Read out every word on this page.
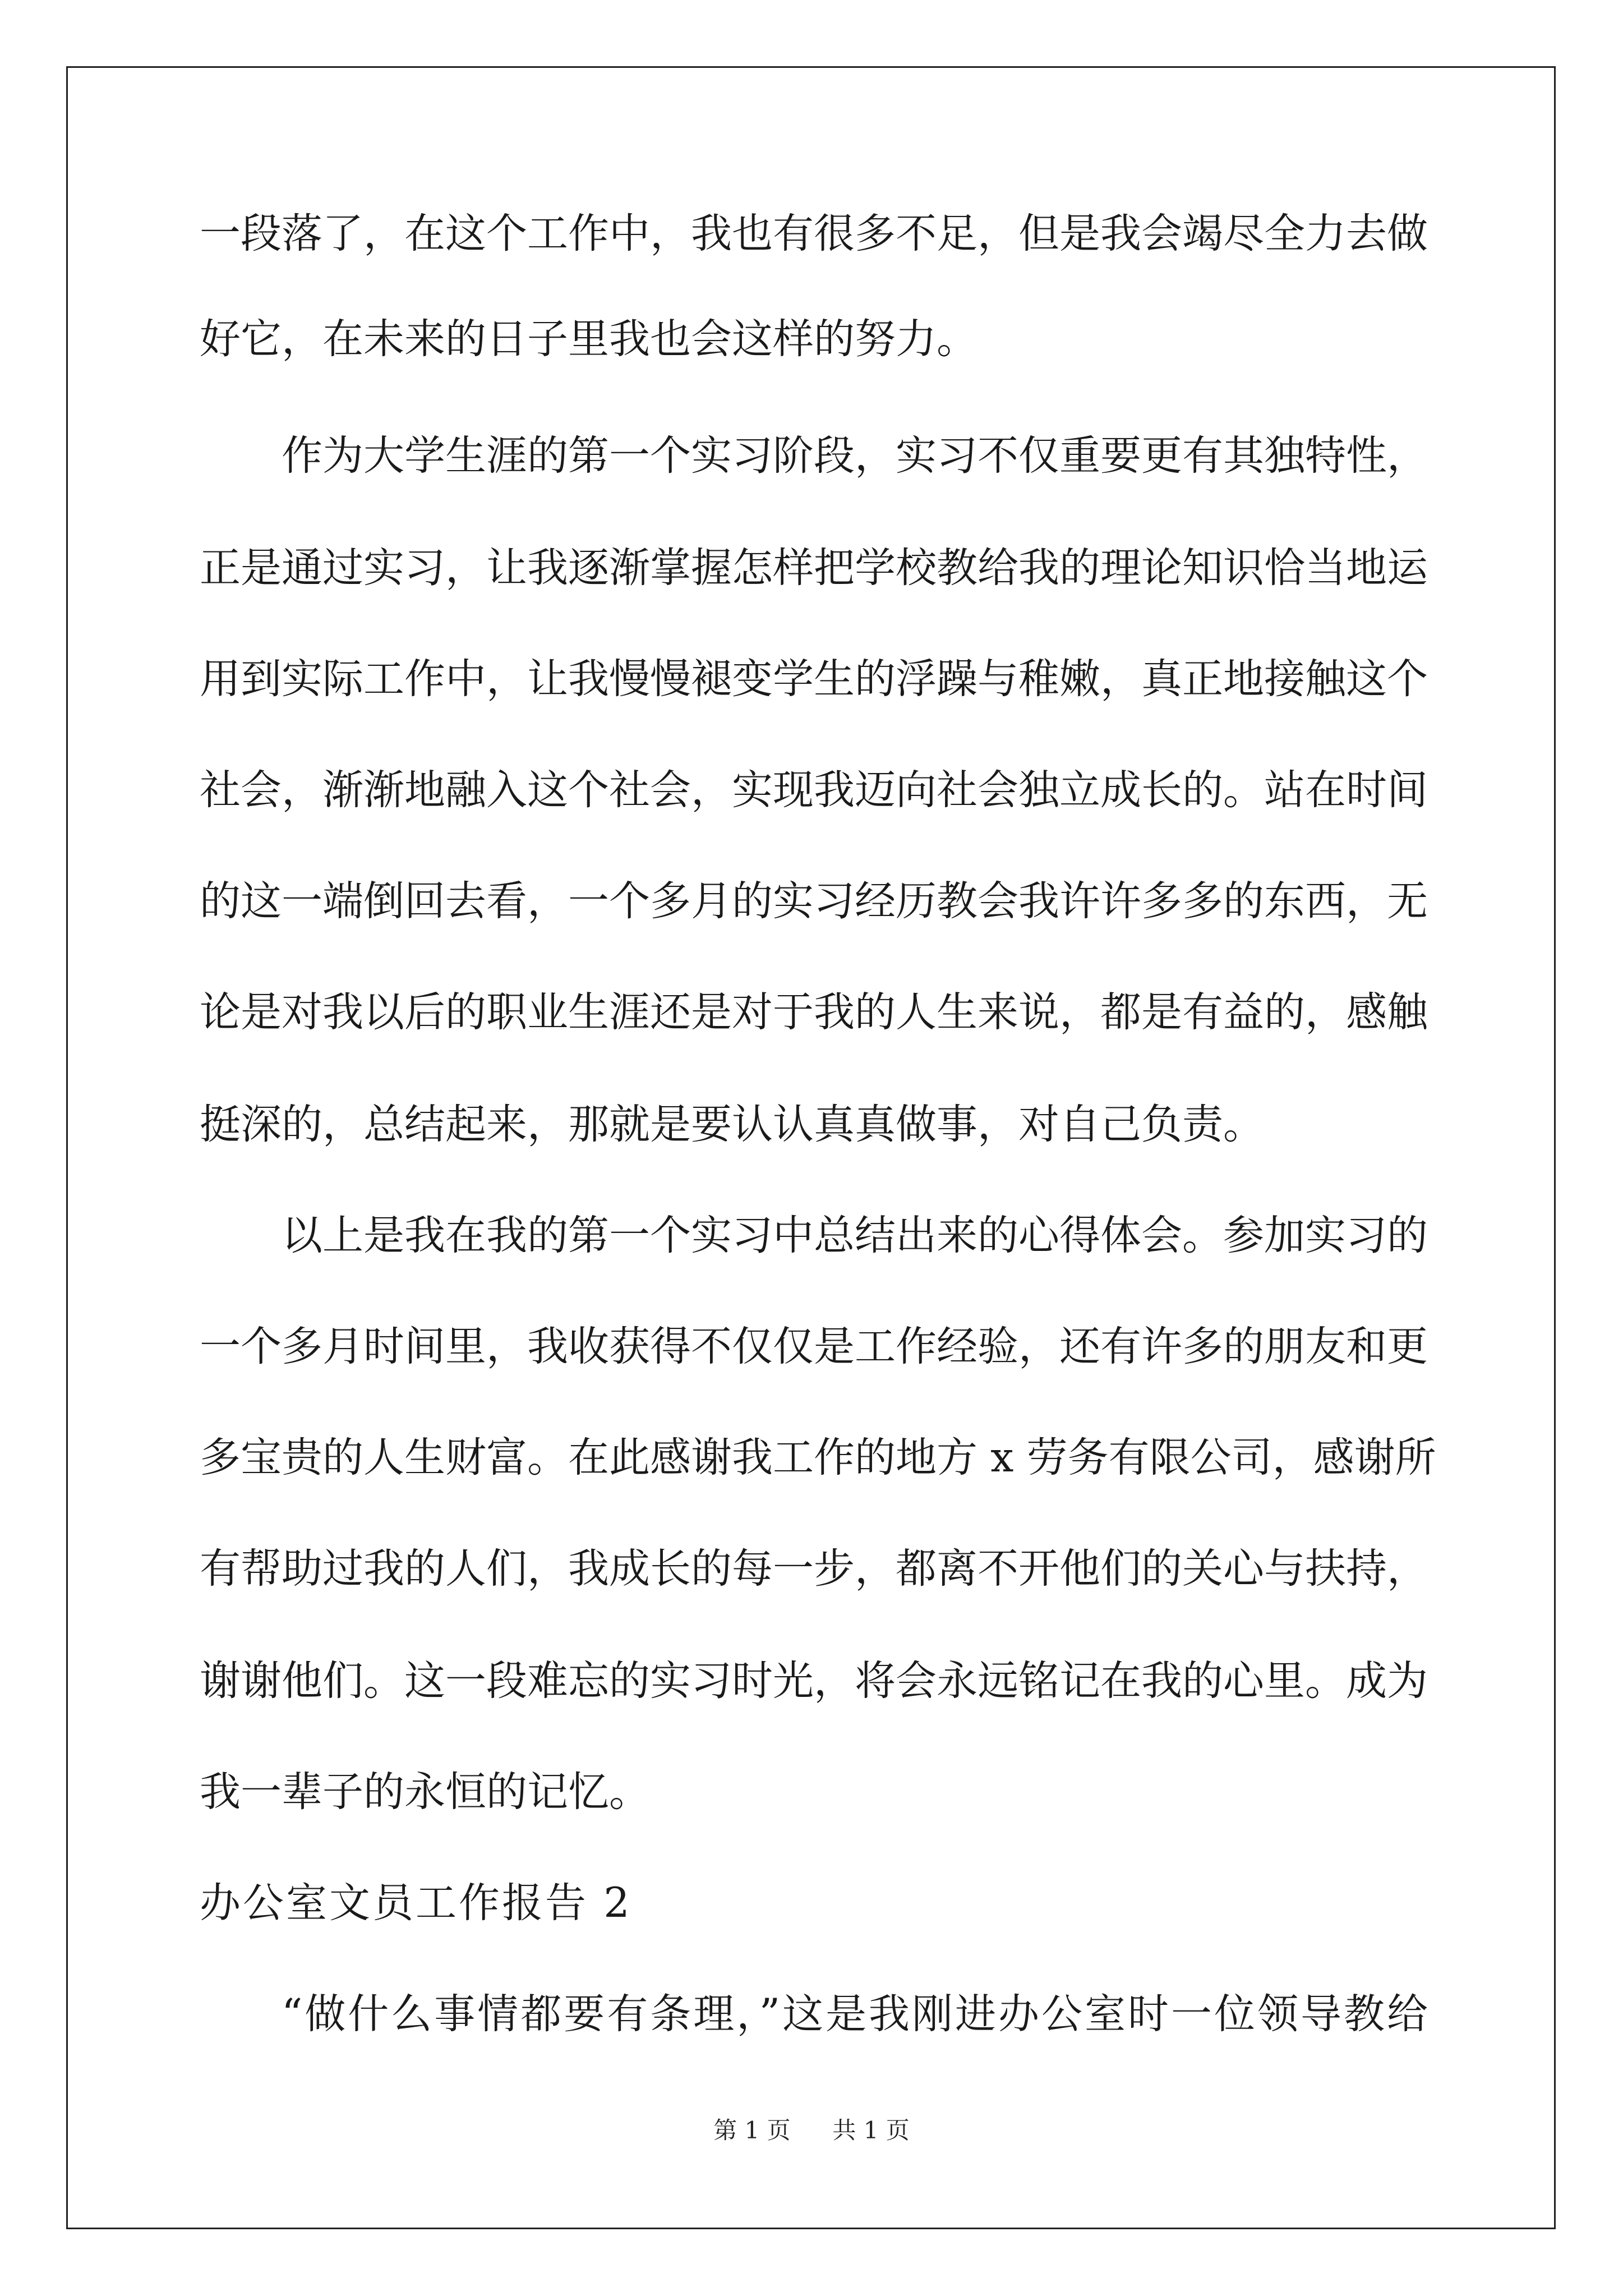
一段落了，在这个工作中，我也有很多不足，但是我会竭尽全力去做
好它，在未来的日子里我也会这样的努力。
作为大学生涯的第一个实习阶段，实习不仅重要更有其独特性，
正是通过实习，让我逐渐掌握怎样把学校教给我的理论知识恰当地运
用到实际工作中，让我慢慢褪变学生的浮躁与稚嫩，真正地接触这个
社会，渐渐地融入这个社会，实现我迈向社会独立成长的。站在时间
的这一端倒回去看，一个多月的实习经历教会我许许多多的东西，无
论是对我以后的职业生涯还是对于我的人生来说，都是有益的，感触
挺深的，总结起来，那就是要认认真真做事，对自己负责。
以上是我在我的第一个实习中总结出来的心得体会。参加实习的
一个多月时间里，我收获得不仅仅是工作经验，还有许多的朋友和更
多宝贵的人生财富。在此感谢我工作的地方 x 劳务有限公司，感谢所
有帮助过我的人们，我成长的每一步，都离不开他们的关心与扶持，
谢谢他们。这一段难忘的实习时光，将会永远铭记在我的心里。成为
我一辈子的永恒的记忆。
办公室文员工作报告 2
“做什么事情都要有条理，”这是我刚进办公室时一位领导教给
第 1 页 共 1 页
